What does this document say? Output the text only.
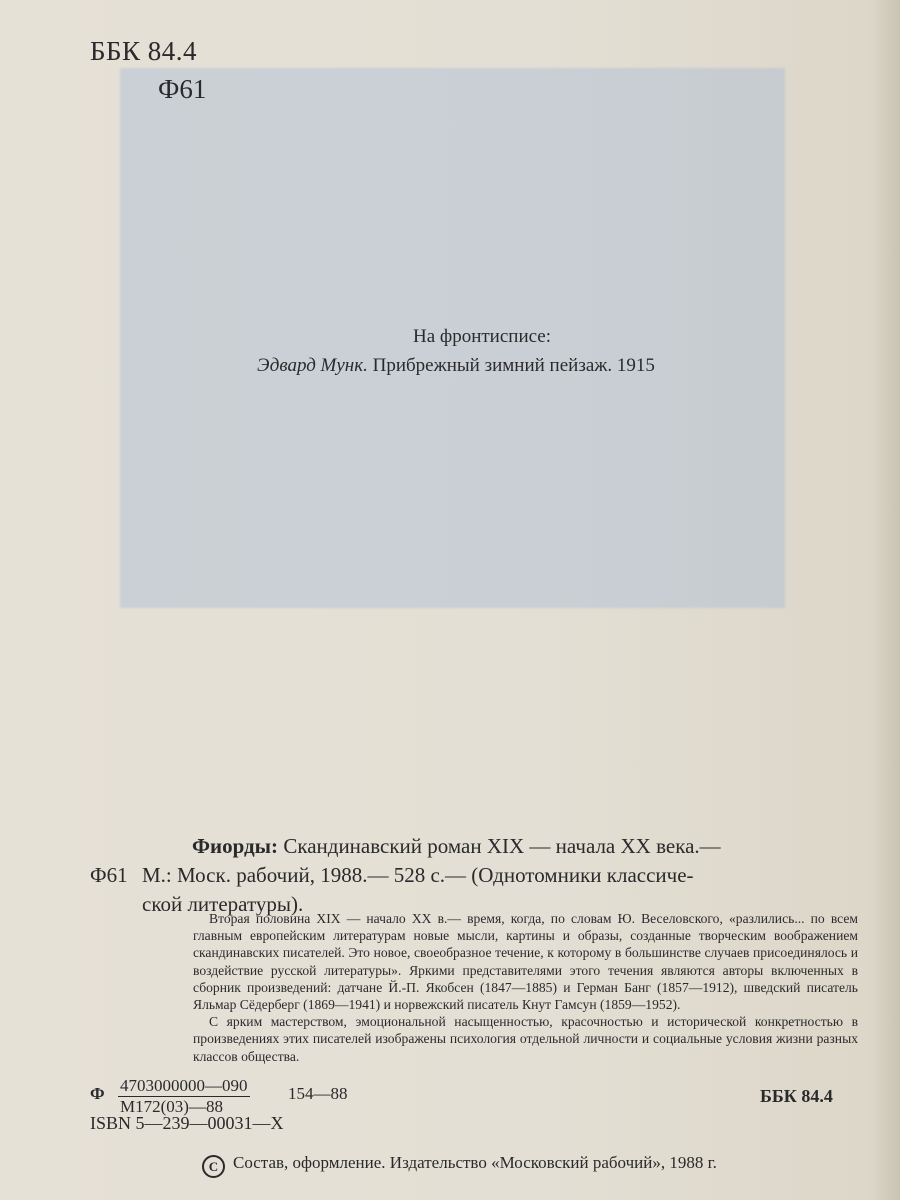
ББК 84.4
Ф61
На фронтисписе:
Эдвард Мунк. Прибрежный зимний пейзаж. 1915
Фиорды: Скандинавский роман XIX — начала XX века.—
Ф61 М.: Моск. рабочий, 1988.— 528 с.— (Однотомники классиче-
ской литературы).

Вторая половина XIX — начало XX в.— время, когда, по словам Ю. Веселовского, «разлились... по всем главным европейским литературам новые мысли, картины и образы, созданные творческим воображением скандинавских писателей. Это новое, своеобразное течение, к которому в большинстве случаев присоединялось и воздействие русской литературы». Яркими представителями этого течения являются авторы включенных в сборник произведений: датчане Й.-П. Якобсен (1847—1885) и Герман Банг (1857—1912), шведский писатель Яльмар Сёдерберг (1869—1941) и норвежский писатель Кнут Гамсун (1859—1952).

С ярким мастерством, эмоциональной насыщенностью, красочностью и исторической конкретностью в произведениях этих писателей изображены психология отдельной личности и социальные условия жизни разных классов общества.

Ф 4703000000—090
М172(03)—88
154—88	ББК 84.4
ISBN 5—239—00031—X
C Состав, оформление. Издательство «Московский рабочий», 1988 г.
